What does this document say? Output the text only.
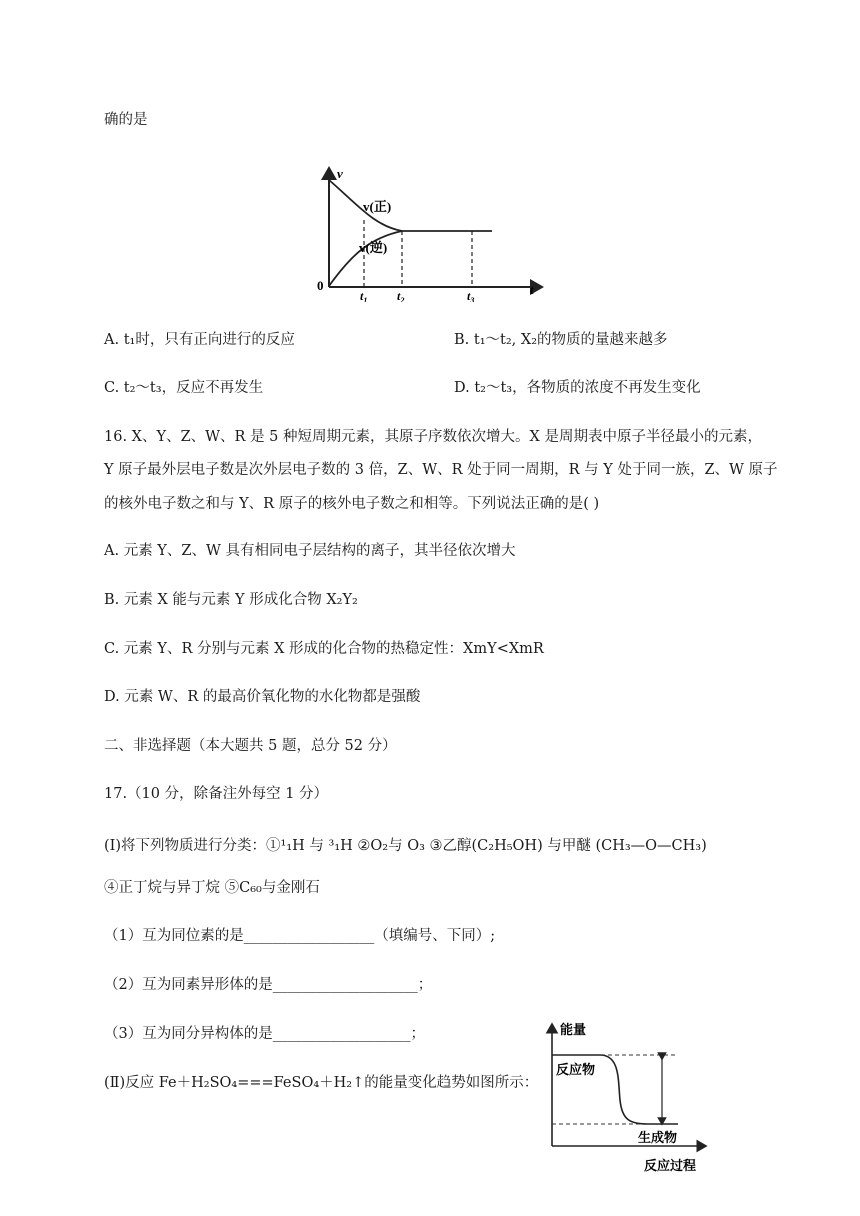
确的是
v
t
0
v(正)
v(逆)
$t_1$ $t_2$	$t_3$
A. t₁时，只有正向进行的反应	B. t₁～t₂, X₂的物质的量越来越多
C. t₂～t₃，反应不再发生	D. t₂～t₃，各物质的浓度不再发生变化
16. X、Y、Z、W、R 是 5 种短周期元素，其原子序数依次增大。X 是周期表中原子半径最小的元素，
Y 原子最外层电子数是次外层电子数的 3 倍，Z、W、R 处于同一周期，R 与 Y 处于同一族，Z、W 原子
的核外电子数之和与 Y、R 原子的核外电子数之和相等。下列说法正确的是( )
A. 元素 Y、Z、W 具有相同电子层结构的离子，其半径依次增大
B. 元素 X 能与元素 Y 形成化合物 X₂Y₂
C. 元素 Y、R 分别与元素 X 形成的化合物的热稳定性：XmY<XmR
D. 元素 W、R 的最高价氧化物的水化物都是强酸
二、非选择题（本大题共 5 题，总分 52 分）
17.（10 分，除备注外每空 1 分）
(Ⅰ)将下列物质进行分类：①¹₁H 与 ³₁H ②O₂与 O₃ ③乙醇(C₂H₅OH) 与甲醚 (CH₃—O—CH₃)
④正丁烷与异丁烷 ⑤C₆₀与金刚石
（1）互为同位素的是__________________（填编号、下同）;
（2）互为同素异形体的是____________________；
（3）互为同分异构体的是___________________；
(Ⅱ)反应 Fe＋H₂SO₄===FeSO₄＋H₂↑的能量变化趋势如图所示：
能量
反应物
生成物
反应过程
